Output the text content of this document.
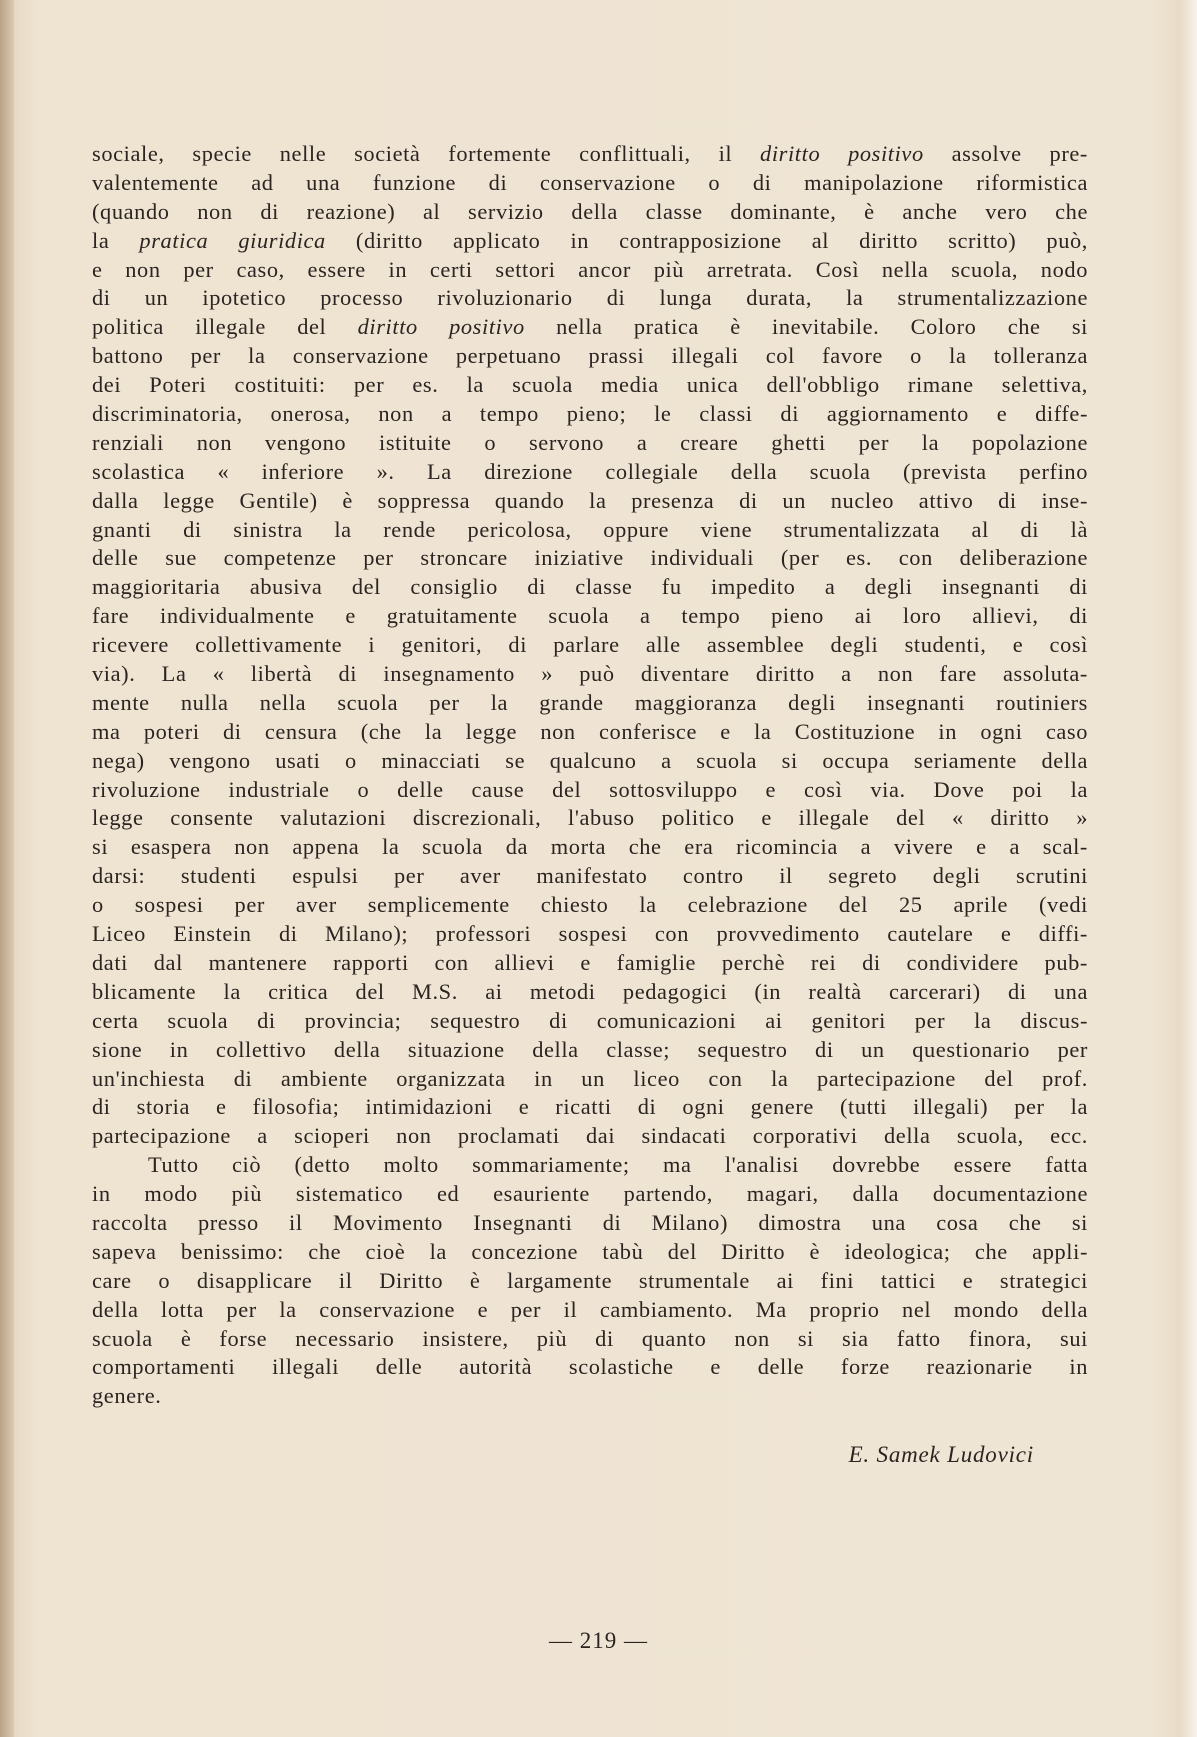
sociale, specie nelle società fortemente conflittuali, il diritto positivo assolve pre-
valentemente ad una funzione di conservazione o di manipolazione riformistica
(quando non di reazione) al servizio della classe dominante, è anche vero che
la pratica giuridica (diritto applicato in contrapposizione al diritto scritto) può,
e non per caso, essere in certi settori ancor più arretrata. Così nella scuola, nodo
di un ipotetico processo rivoluzionario di lunga durata, la strumentalizzazione
politica illegale del diritto positivo nella pratica è inevitabile. Coloro che si
battono per la conservazione perpetuano prassi illegali col favore o la tolleranza
dei Poteri costituiti: per es. la scuola media unica dell'obbligo rimane selettiva,
discriminatoria, onerosa, non a tempo pieno; le classi di aggiornamento e diffe-
renziali non vengono istituite o servono a creare ghetti per la popolazione
scolastica « inferiore ». La direzione collegiale della scuola (prevista perfino
dalla legge Gentile) è soppressa quando la presenza di un nucleo attivo di inse-
gnanti di sinistra la rende pericolosa, oppure viene strumentalizzata al di là
delle sue competenze per stroncare iniziative individuali (per es. con deliberazione
maggioritaria abusiva del consiglio di classe fu impedito a degli insegnanti di
fare individualmente e gratuitamente scuola a tempo pieno ai loro allievi, di
ricevere collettivamente i genitori, di parlare alle assemblee degli studenti, e così
via). La « libertà di insegnamento » può diventare diritto a non fare assoluta-
mente nulla nella scuola per la grande maggioranza degli insegnanti routiniers
ma poteri di censura (che la legge non conferisce e la Costituzione in ogni caso
nega) vengono usati o minacciati se qualcuno a scuola si occupa seriamente della
rivoluzione industriale o delle cause del sottosviluppo e così via. Dove poi la
legge consente valutazioni discrezionali, l'abuso politico e illegale del « diritto »
si esaspera non appena la scuola da morta che era ricomincia a vivere e a scal-
darsi: studenti espulsi per aver manifestato contro il segreto degli scrutini
o sospesi per aver semplicemente chiesto la celebrazione del 25 aprile (vedi
Liceo Einstein di Milano); professori sospesi con provvedimento cautelare e diffi-
dati dal mantenere rapporti con allievi e famiglie perchè rei di condividere pub-
blicamente la critica del M.S. ai metodi pedagogici (in realtà carcerari) di una
certa scuola di provincia; sequestro di comunicazioni ai genitori per la discus-
sione in collettivo della situazione della classe; sequestro di un questionario per
un'inchiesta di ambiente organizzata in un liceo con la partecipazione del prof.
di storia e filosofia; intimidazioni e ricatti di ogni genere (tutti illegali) per la
partecipazione a scioperi non proclamati dai sindacati corporativi della scuola, ecc.
Tutto ciò (detto molto sommariamente; ma l'analisi dovrebbe essere fatta
in modo più sistematico ed esauriente partendo, magari, dalla documentazione
raccolta presso il Movimento Insegnanti di Milano) dimostra una cosa che si
sapeva benissimo: che cioè la concezione tabù del Diritto è ideologica; che appli-
care o disapplicare il Diritto è largamente strumentale ai fini tattici e strategici
della lotta per la conservazione e per il cambiamento. Ma proprio nel mondo della
scuola è forse necessario insistere, più di quanto non si sia fatto finora, sui
comportamenti illegali delle autorità scolastiche e delle forze reazionarie in
genere.
E. Samek Ludovici
— 219 —
